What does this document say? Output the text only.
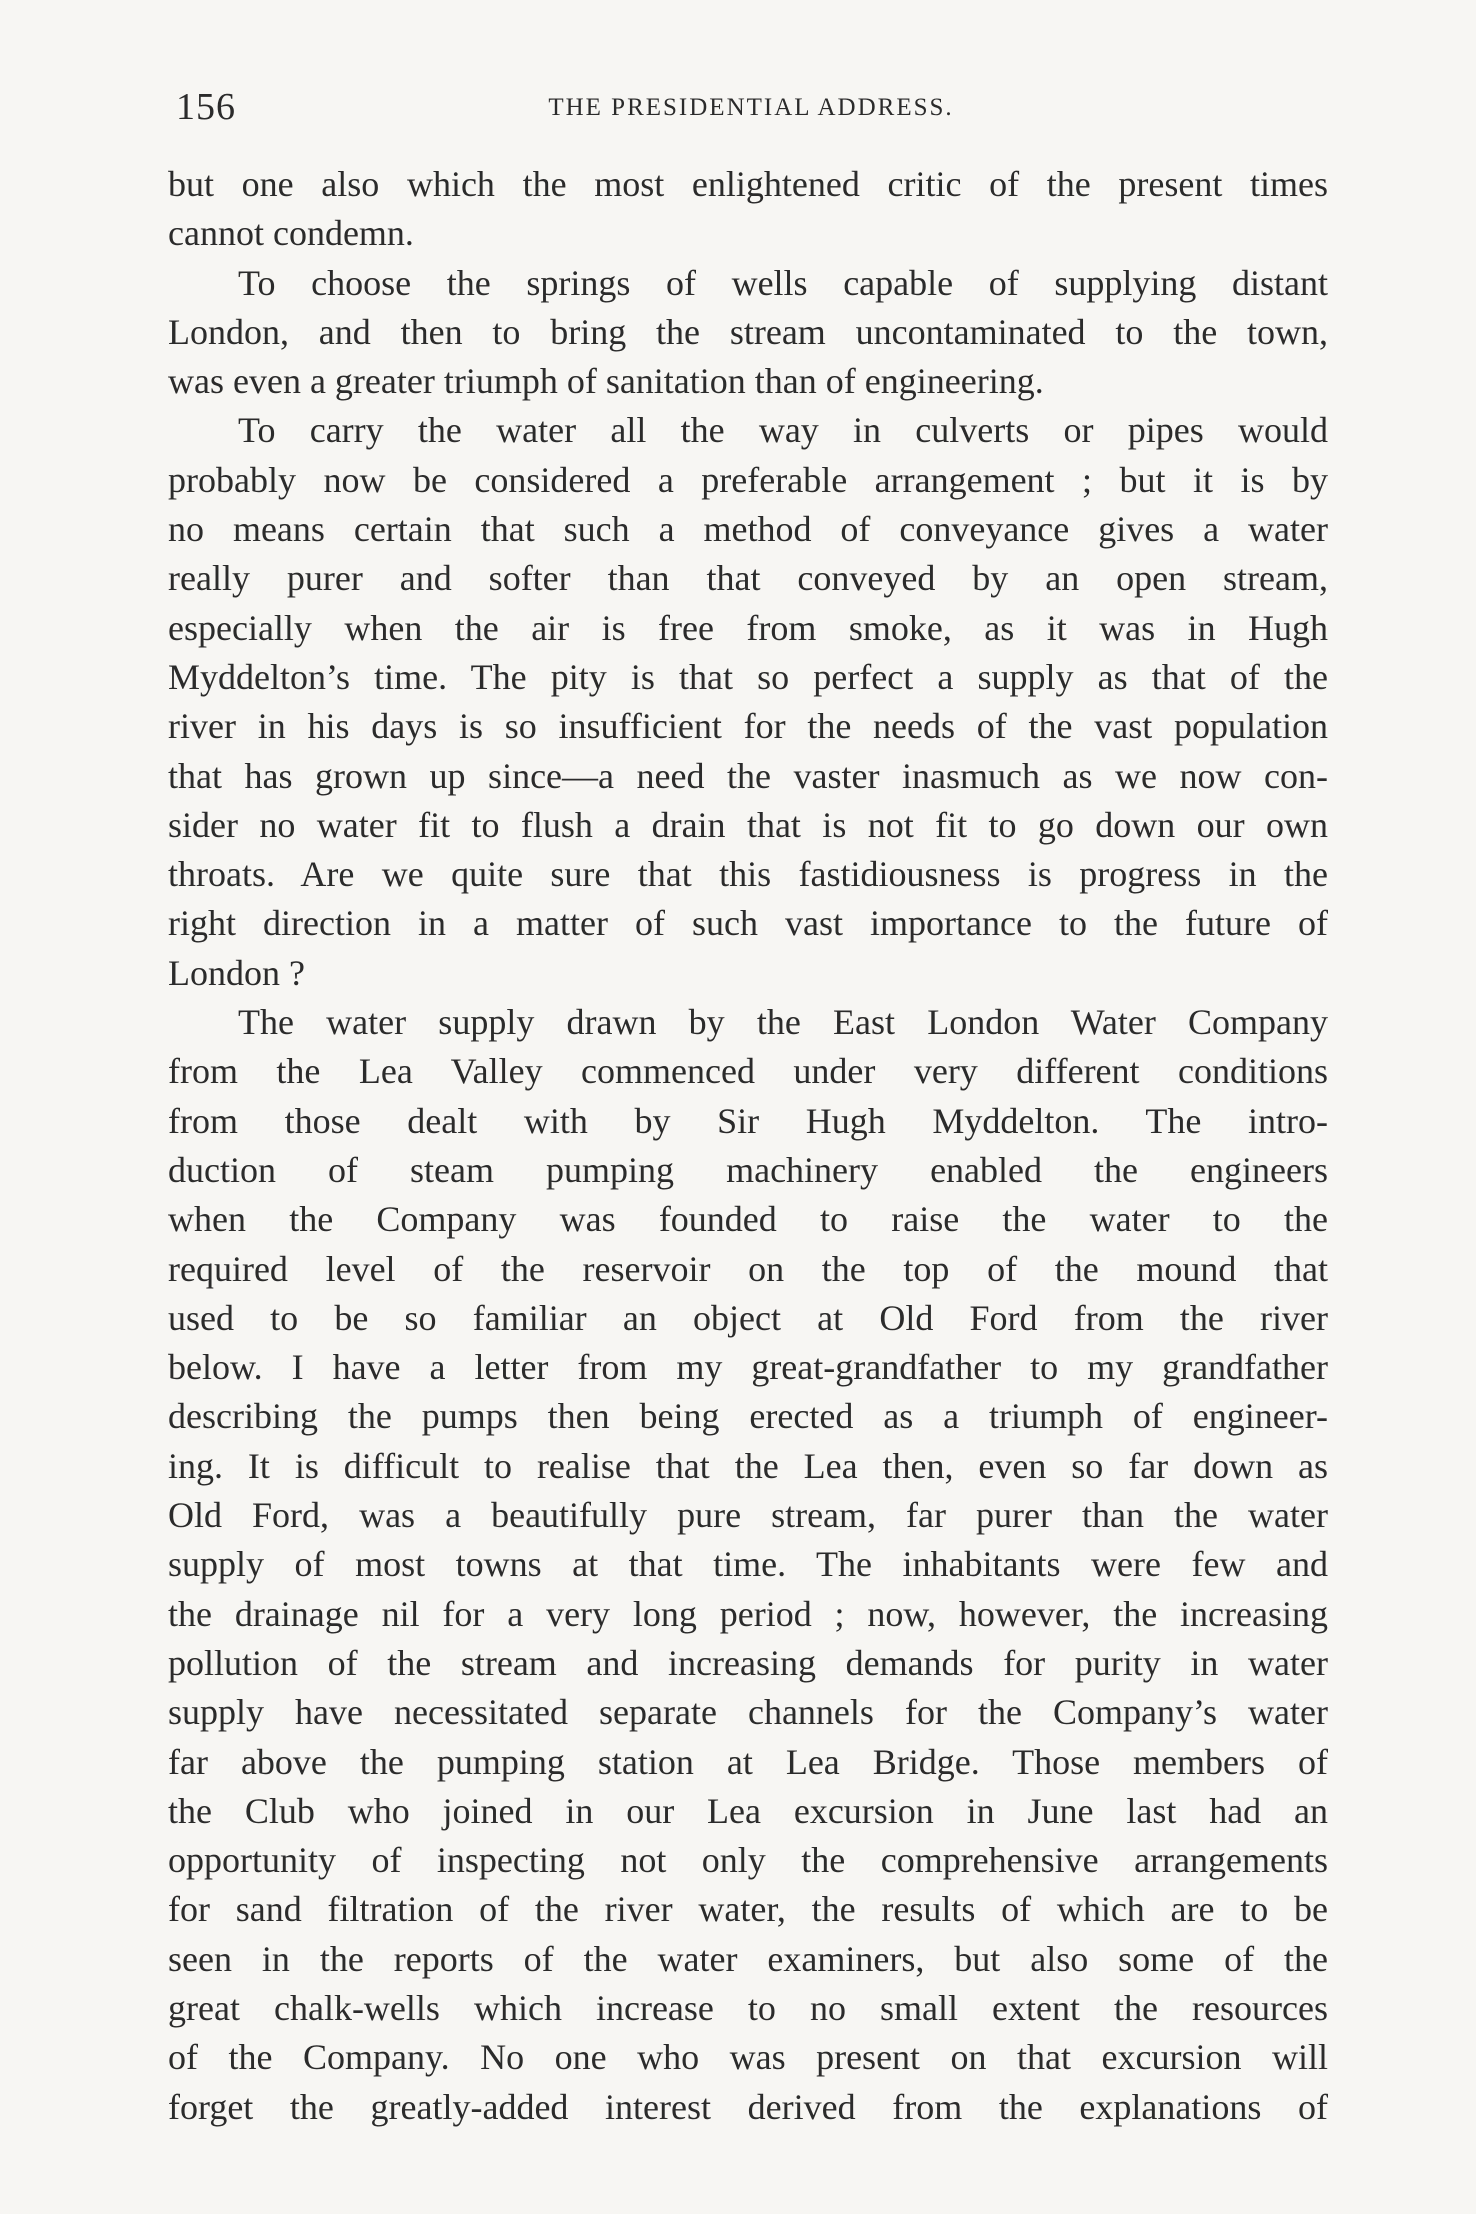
156	THE PRESIDENTIAL ADDRESS.
but one also which the most enlightened critic of the present times
cannot condemn.
To choose the springs of wells capable of supplying distant
London, and then to bring the stream uncontaminated to the town,
was even a greater triumph of sanitation than of engineering.
To carry the water all the way in culverts or pipes would
probably now be considered a preferable arrangement ; but it is by
no means certain that such a method of conveyance gives a water
really purer and softer than that conveyed by an open stream,
especially when the air is free from smoke, as it was in Hugh
Myddelton’s time. The pity is that so perfect a supply as that of the
river in his days is so insufficient for the needs of the vast population
that has grown up since—a need the vaster inasmuch as we now con-
sider no water fit to flush a drain that is not fit to go down our own
throats. Are we quite sure that this fastidiousness is progress in the
right direction in a matter of such vast importance to the future of
London ?
The water supply drawn by the East London Water Company
from the Lea Valley commenced under very different conditions
from those dealt with by Sir Hugh Myddelton. The intro-
duction of steam pumping machinery enabled the engineers
when the Company was founded to raise the water to the
required level of the reservoir on the top of the mound that
used to be so familiar an object at Old Ford from the river
below. I have a letter from my great-grandfather to my grandfather
describing the pumps then being erected as a triumph of engineer-
ing. It is difficult to realise that the Lea then, even so far down as
Old Ford, was a beautifully pure stream, far purer than the water
supply of most towns at that time. The inhabitants were few and
the drainage nil for a very long period ; now, however, the increasing
pollution of the stream and increasing demands for purity in water
supply have necessitated separate channels for the Company’s water
far above the pumping station at Lea Bridge. Those members of
the Club who joined in our Lea excursion in June last had an
opportunity of inspecting not only the comprehensive arrangements
for sand filtration of the river water, the results of which are to be
seen in the reports of the water examiners, but also some of the
great chalk-wells which increase to no small extent the resources
of the Company. No one who was present on that excursion will
forget the greatly-added interest derived from the explanations of
